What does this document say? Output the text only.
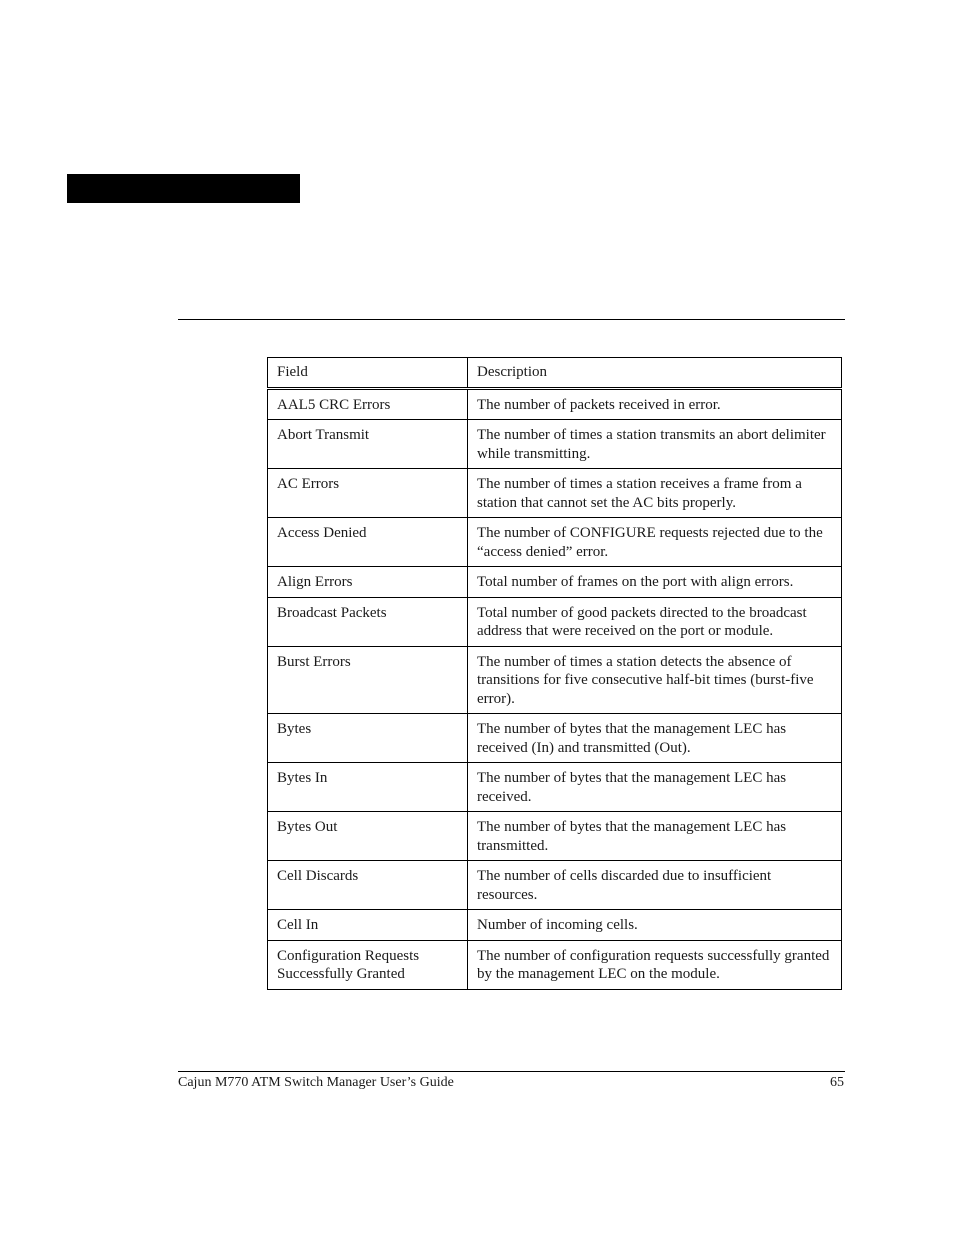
Field	Description
AAL5 CRC Errors	The number of packets received in error.
Abort Transmit	The number of times a station transmits an abort delimiter while transmitting.
AC Errors	The number of times a station receives a frame from a station that cannot set the AC bits properly.
Access Denied	The number of CONFIGURE requests rejected due to the “access denied” error.
Align Errors	Total number of frames on the port with align errors.
Broadcast Packets	Total number of good packets directed to the broadcast address that were received on the port or module.
Burst Errors	The number of times a station detects the absence of transitions for five consecutive half-bit times (burst-five error).
Bytes	The number of bytes that the management LEC has received (In) and transmitted (Out).
Bytes In	The number of bytes that the management LEC has received.
Bytes Out	The number of bytes that the management LEC has transmitted.
Cell Discards	The number of cells discarded due to insufficient resources.
Cell In	Number of incoming cells.
Configuration Requests Successfully Granted	The number of configuration requests successfully granted by the management LEC on the module.
Cajun M770 ATM Switch Manager User’s Guide	65
